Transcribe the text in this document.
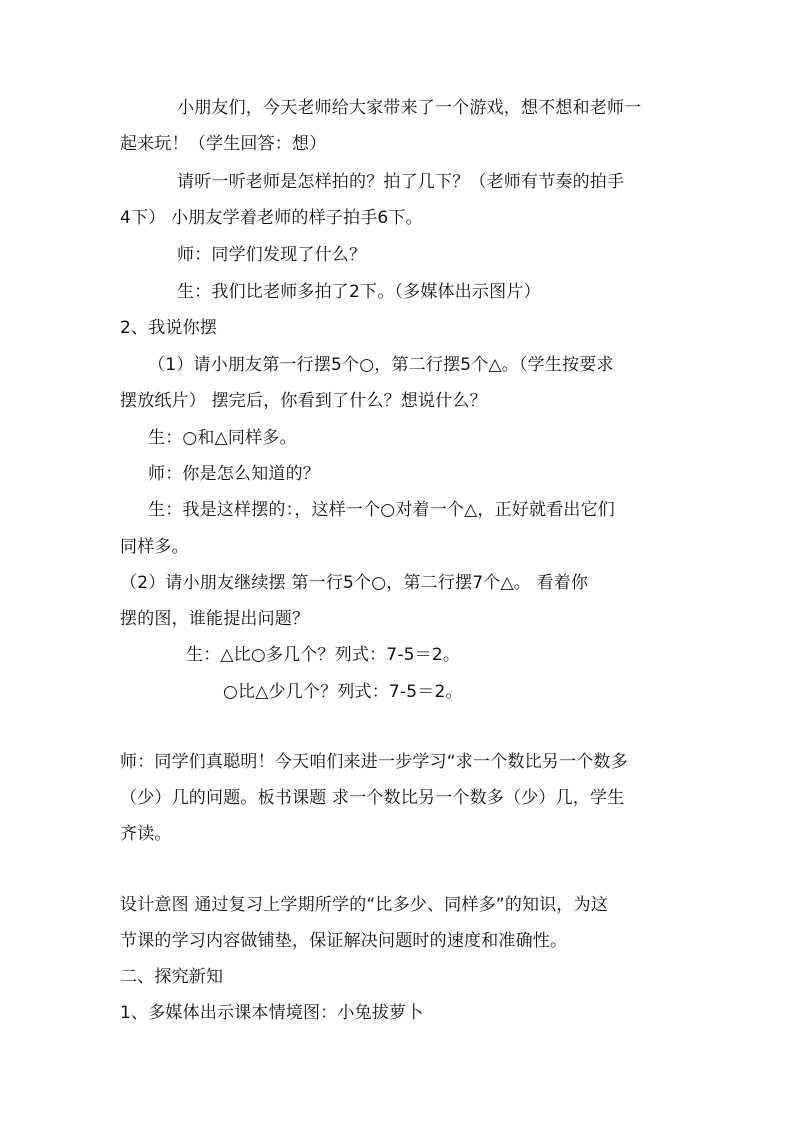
小朋友们，今天老师给大家带来了一个游戏，想不想和老师一
起来玩！（学生回答：想）
请听一听老师是怎样拍的？拍了几下？（老师有节奏的拍手
4下） 小朋友学着老师的样子拍手6下。
师：同学们发现了什么？
生：我们比老师多拍了2下。（多媒体出示图片）
2、我说你摆
（1）请小朋友第一行摆5个○，第二行摆5个△。（学生按要求
摆放纸片） 摆完后，你看到了什么？想说什么？
生：○和△同样多。
师：你是怎么知道的？
生：我是这样摆的：，这样一个○对着一个△，正好就看出它们
同样多。
（2）请小朋友继续摆 第一行5个○，第二行摆7个△。 看着你
摆的图，谁能提出问题？
生：△比○多几个？列式：7-5＝2。
○比△少几个？列式：7-5＝2。
师：同学们真聪明！今天咱们来进一步学习“求一个数比另一个数多
（少）几的问题。板书课题 求一个数比另一个数多（少）几，学生
齐读。
设计意图 通过复习上学期所学的“比多少、同样多”的知识，为这
节课的学习内容做铺垫，保证解决问题时的速度和准确性。
二、探究新知
1、多媒体出示课本情境图：小兔拔萝卜
